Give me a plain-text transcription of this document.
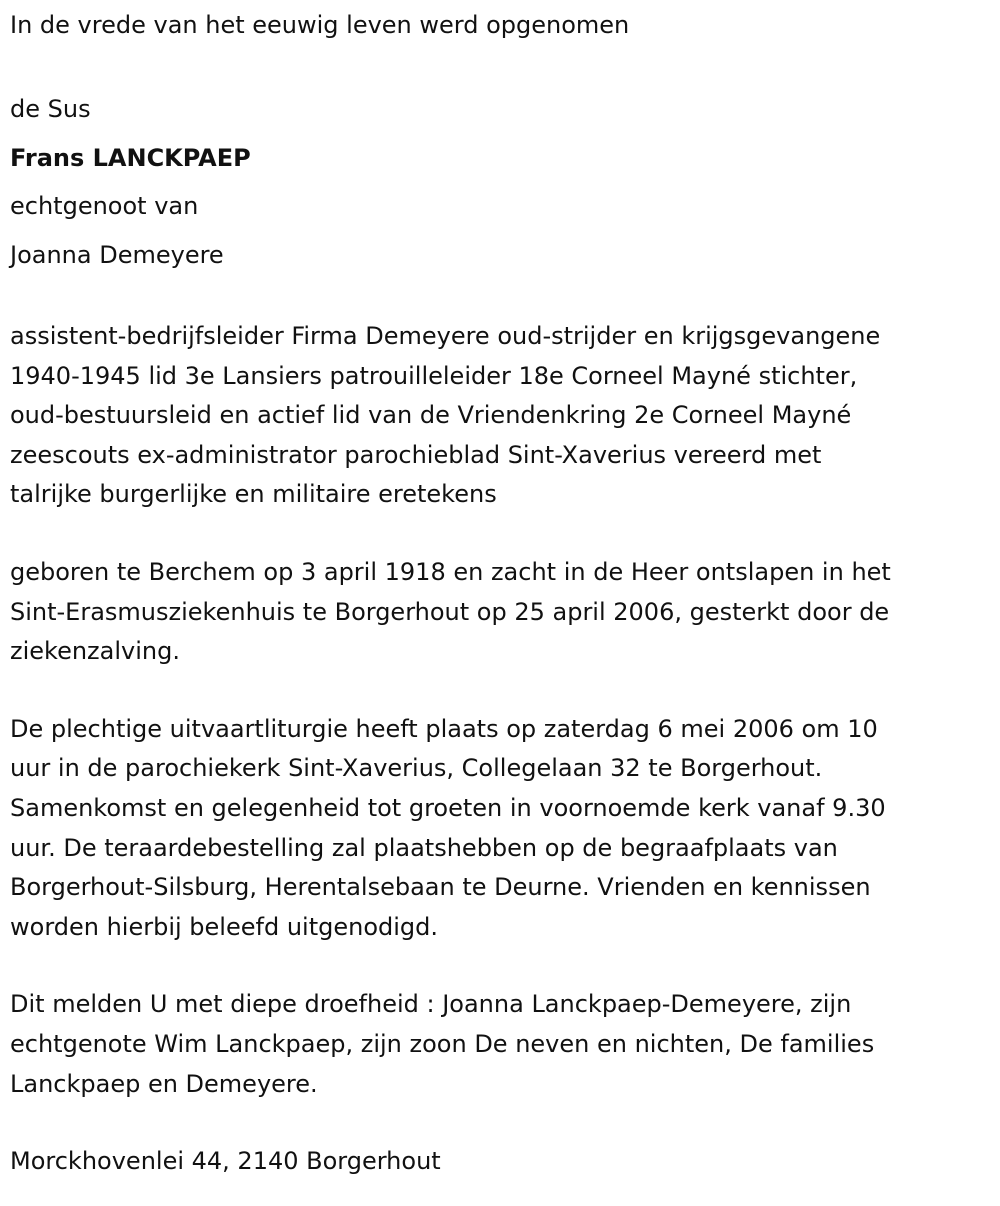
In de vrede van het eeuwig leven werd opgenomen
de Sus
Frans LANCKPAEP
echtgenoot van
Joanna Demeyere
assistent-bedrijfsleider Firma Demeyere oud-strijder en krijgsgevangene
1940-1945 lid 3e Lansiers patrouilleleider 18e Corneel Mayné stichter,
oud-bestuursleid en actief lid van de Vriendenkring 2e Corneel Mayné
zeescouts ex-administrator parochieblad Sint-Xaverius vereerd met
talrijke burgerlijke en militaire eretekens
geboren te Berchem op 3 april 1918 en zacht in de Heer ontslapen in het
Sint-Erasmusziekenhuis te Borgerhout op 25 april 2006, gesterkt door de
ziekenzalving.
De plechtige uitvaartliturgie heeft plaats op zaterdag 6 mei 2006 om 10
uur in de parochiekerk Sint-Xaverius, Collegelaan 32 te Borgerhout.
Samenkomst en gelegenheid tot groeten in voornoemde kerk vanaf 9.30
uur. De teraardebestelling zal plaatshebben op de begraafplaats van
Borgerhout-Silsburg, Herentalsebaan te Deurne. Vrienden en kennissen
worden hierbij beleefd uitgenodigd.
Dit melden U met diepe droefheid : Joanna Lanckpaep-Demeyere, zijn
echtgenote Wim Lanckpaep, zijn zoon De neven en nichten, De families
Lanckpaep en Demeyere.
Morckhovenlei 44, 2140 Borgerhout
